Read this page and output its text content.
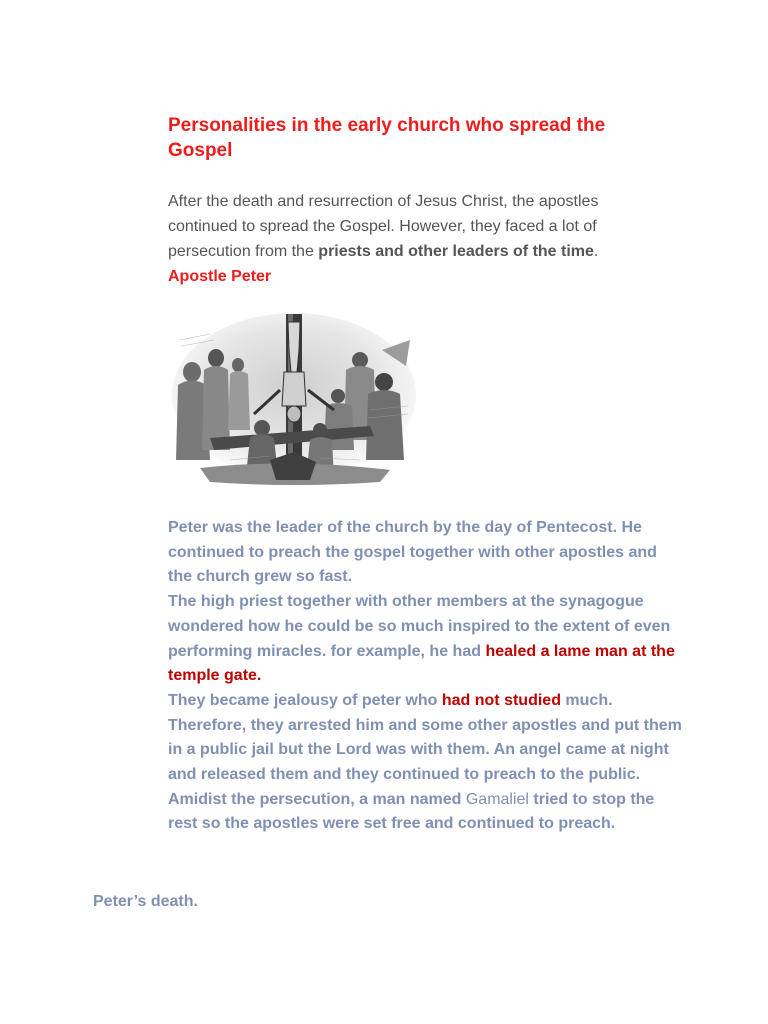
Personalities in the early church who spread the Gospel

After the death and resurrection of Jesus Christ, the apostles continued to spread the Gospel. However, they faced a lot of persecution from the priests and other leaders of the time.

Apostle Peter

Peter was the leader of the church by the day of Pentecost. He continued to preach the gospel together with other apostles and the church grew so fast.
The high priest together with other members at the synagogue wondered how he could be so much inspired to the extent of even performing miracles. for example, he had healed a lame man at the temple gate.
They became jealousy of peter who had not studied much. Therefore, they arrested him and some other apostles and put them in a public jail but the Lord was with them. An angel came at night and released them and they continued to preach to the public.
Amidist the persecution, a man named Gamaliel tried to stop the rest so the apostles were set free and continued to preach.

Peter’s death.
